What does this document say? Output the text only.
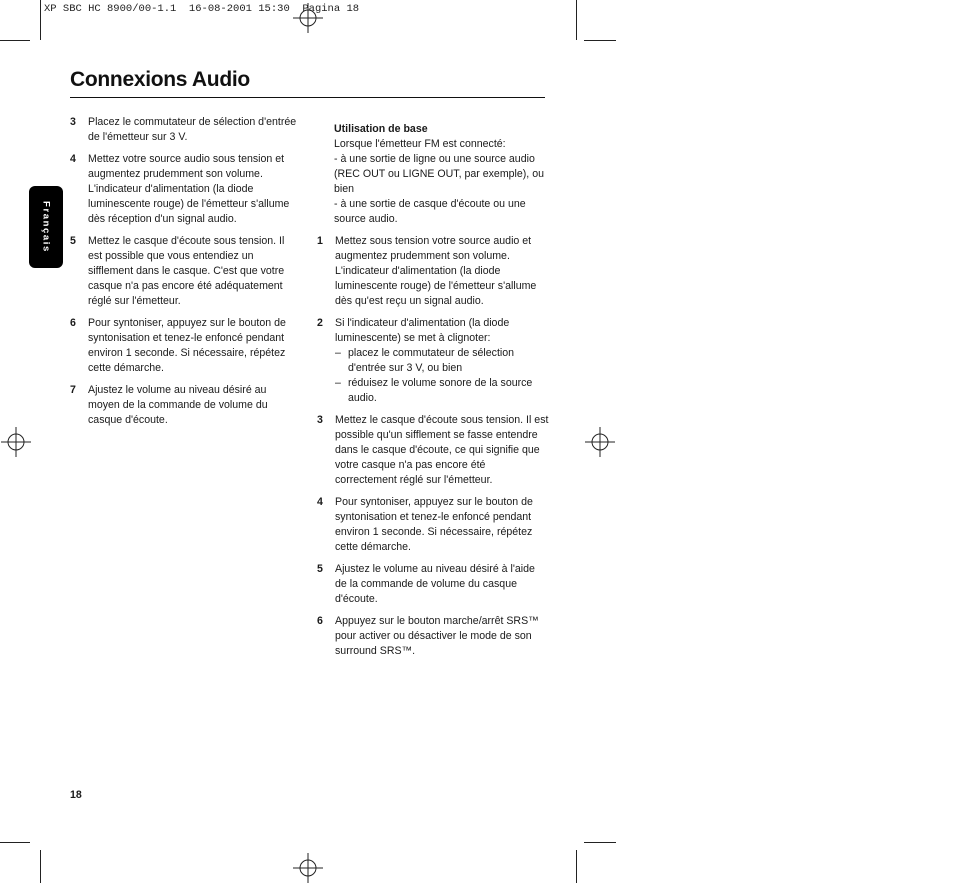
XP SBC HC 8900/00-1.1  16-08-2001 15:30  Pagina 18
Connexions Audio
Français
3 Placez le commutateur de sélection d'entrée de l'émetteur sur 3 V.

4 Mettez votre source audio sous tension et augmentez prudemment son volume. L'indicateur d'alimentation (la diode luminescente rouge) de l'émetteur s'allume dès réception d'un signal audio.

5 Mettez le casque d'écoute sous tension. Il est possible que vous entendiez un sifflement dans le casque. C'est que votre casque n'a pas encore été adéquatement réglé sur l'émetteur.

6 Pour syntoniser, appuyez sur le bouton de syntonisation et tenez-le enfoncé pendant environ 1 seconde. Si nécessaire, répétez cette démarche.

7 Ajustez le volume au niveau désiré au moyen de la commande de volume du casque d'écoute.

Utilisation de base

Lorsque l'émetteur FM est connecté:

- à une sortie de ligne ou une source audio (REC OUT ou LIGNE OUT, par exemple), ou bien

- à une sortie de casque d'écoute ou une source audio.

1 Mettez sous tension votre source audio et augmentez prudemment son volume. L'indicateur d'alimentation (la diode luminescente rouge) de l'émetteur s'allume dès qu'est reçu un signal audio.

2 Si l'indicateur d'alimentation (la diode luminescente) se met à clignoter:

– placez le commutateur de sélection d'entrée sur 3 V, ou bien

– réduisez le volume sonore de la source audio.

3 Mettez le casque d'écoute sous tension. Il est possible qu'un sifflement se fasse entendre dans le casque d'écoute, ce qui signifie que votre casque n'a pas encore été correctement réglé sur l'émetteur.

4 Pour syntoniser, appuyez sur le bouton de syntonisation et tenez-le enfoncé pendant environ 1 seconde. Si nécessaire, répétez cette démarche.

5 Ajustez le volume au niveau désiré à l'aide de la commande de volume du casque d'écoute.

6 Appuyez sur le bouton marche/arrêt SRS™ pour activer ou désactiver le mode de son surround SRS™.

18
